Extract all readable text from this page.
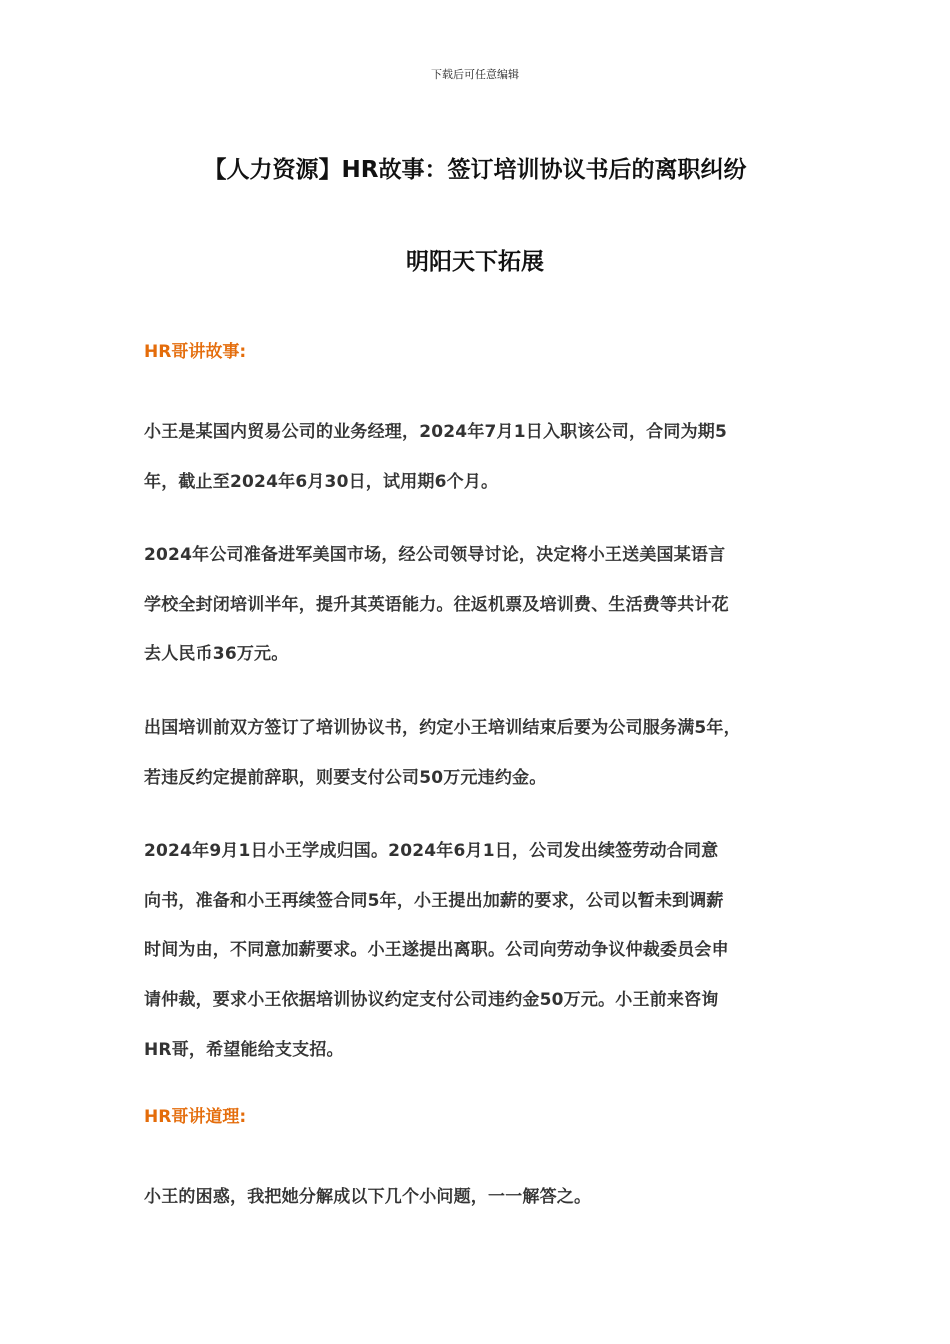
下载后可任意编辑
【人力资源】HR故事：签订培训协议书后的离职纠纷
明阳天下拓展
HR哥讲故事:
小王是某国内贸易公司的业务经理，2024年7月1日入职该公司，合同为期5
年，截止至2024年6月30日，试用期6个月。
2024年公司准备进军美国市场，经公司领导讨论，决定将小王送美国某语言
学校全封闭培训半年，提升其英语能力。往返机票及培训费、生活费等共计花
去人民币36万元。
出国培训前双方签订了培训协议书，约定小王培训结束后要为公司服务满5年，
若违反约定提前辞职，则要支付公司50万元违约金。
2024年9月1日小王学成归国。2024年6月1日，公司发出续签劳动合同意
向书，准备和小王再续签合同5年，小王提出加薪的要求，公司以暂未到调薪
时间为由，不同意加薪要求。小王遂提出离职。公司向劳动争议仲裁委员会申
请仲裁，要求小王依据培训协议约定支付公司违约金50万元。小王前来咨询
HR哥，希望能给支支招。
HR哥讲道理:
小王的困惑，我把她分解成以下几个小问题，一一解答之。
